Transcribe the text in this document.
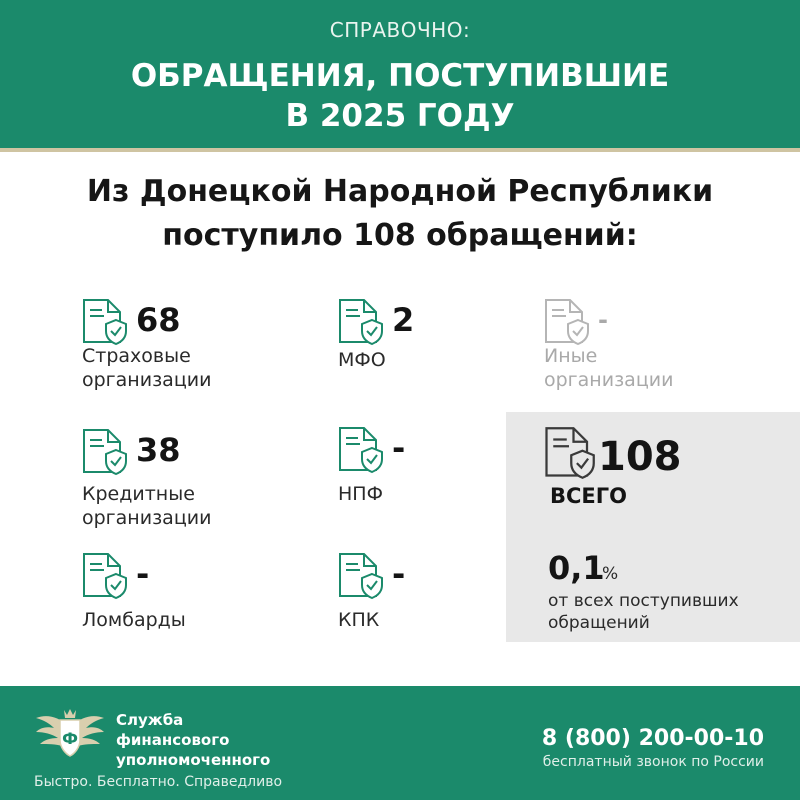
СПРАВОЧНО:
ОБРАЩЕНИЯ, ПОСТУПИВШИЕ
В 2025 ГОДУ
Из Донецкой Народной Республики
поступило 108 обращений:
68
Страховые
организации
2
МФО
-
Иные
организации
38
Кредитные
организации
-
НПФ
-
Ломбарды
-
КПК
108
ВСЕГО
0,1
%
от всех поступивших
обращений
Ф
Служба
финансового
уполномоченного
Быстро. Бесплатно. Справедливо
8 (800) 200-00-10
бесплатный звонок по России
